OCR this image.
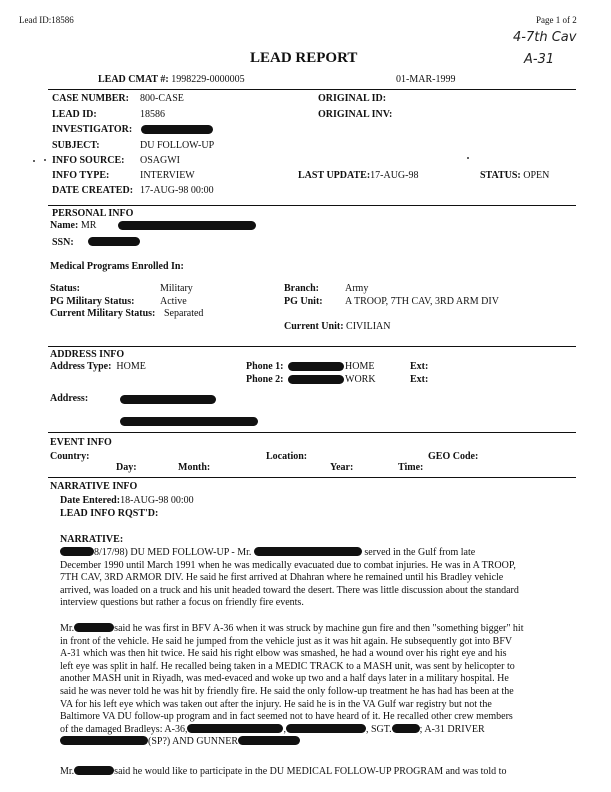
Lead ID:18586	Page 1 of 2
4-7th Cav
A-31
LEAD REPORT
LEAD CMAT #: 1998229-0000005	01-MAR-1999
CASE NUMBER: 800-CASE
LEAD ID:	18586
INVESTIGATOR:
SUBJECT:	DU FOLLOW-UP
INFO SOURCE: OSAGWI
INFO TYPE:	INTERVIEW
DATE CREATED: 17-AUG-98 00:00
ORIGINAL ID:
ORIGINAL INV:
LAST UPDATE:17-AUG-98	STATUS: OPEN
PERSONAL INFO
Name: MR
SSN:
Medical Programs Enrolled In:
Status:	Military
PG Military Status:	Active
Current Military Status: Separated
Branch:	Army
PG Unit: A TROOP, 7TH CAV, 3RD ARM DIV
Current Unit: CIVILIAN
ADDRESS INFO
Address Type: HOME	Phone 1:	HOME	Ext:
Phone 2:	WORK	Ext:
Address:
EVENT INFO
Country:	Location:	GEO Code:
Day:	Month:	Year:	Time:
NARRATIVE INFO
Date Entered:18-AUG-98 00:00
LEAD INFO RQST'D:
NARRATIVE:
8/17/98) DU MED FOLLOW-UP - Mr.	served in the Gulf from late
December 1990 until March 1991 when he was medically evacuated due to combat injuries. He was in A TROOP,
7TH CAV, 3RD ARMOR DIV. He said he first arrived at Dhahran where he remained until his Bradley vehicle
arrived, was loaded on a truck and his unit headed toward the desert. There was little discussion about the standard
interview questions but rather a focus on friendly fire events.
Mr.	said he was first in BFV A-36 when it was struck by machine gun fire and then "something bigger" hit
in front of the vehicle. He said he jumped from the vehicle just as it was hit again. He subsequently got into BFV
A-31 which was then hit twice. He said his right elbow was smashed, he had a wound over his right eye and his
left eye was split in half. He recalled being taken in a MEDIC TRACK to a MASH unit, was sent by helicopter to
another MASH unit in Riyadh, was med-evaced and woke up two and a half days later in a military hospital. He
said he was never told he was hit by friendly fire. He said the only follow-up treatment he has had has been at the
VA for his left eye which was taken out after the injury. He said he is in the VA Gulf war registry but not the
Baltimore VA DU follow-up program and in fact seemed not to have heard of it. He recalled other crew members
of the damaged Bradleys: A-36,	,	, SGT.	; A-31 DRIVER
(SP?) AND GUNNER
Mr.	said he would like to participate in the DU MEDICAL FOLLOW-UP PROGRAM and was told to
